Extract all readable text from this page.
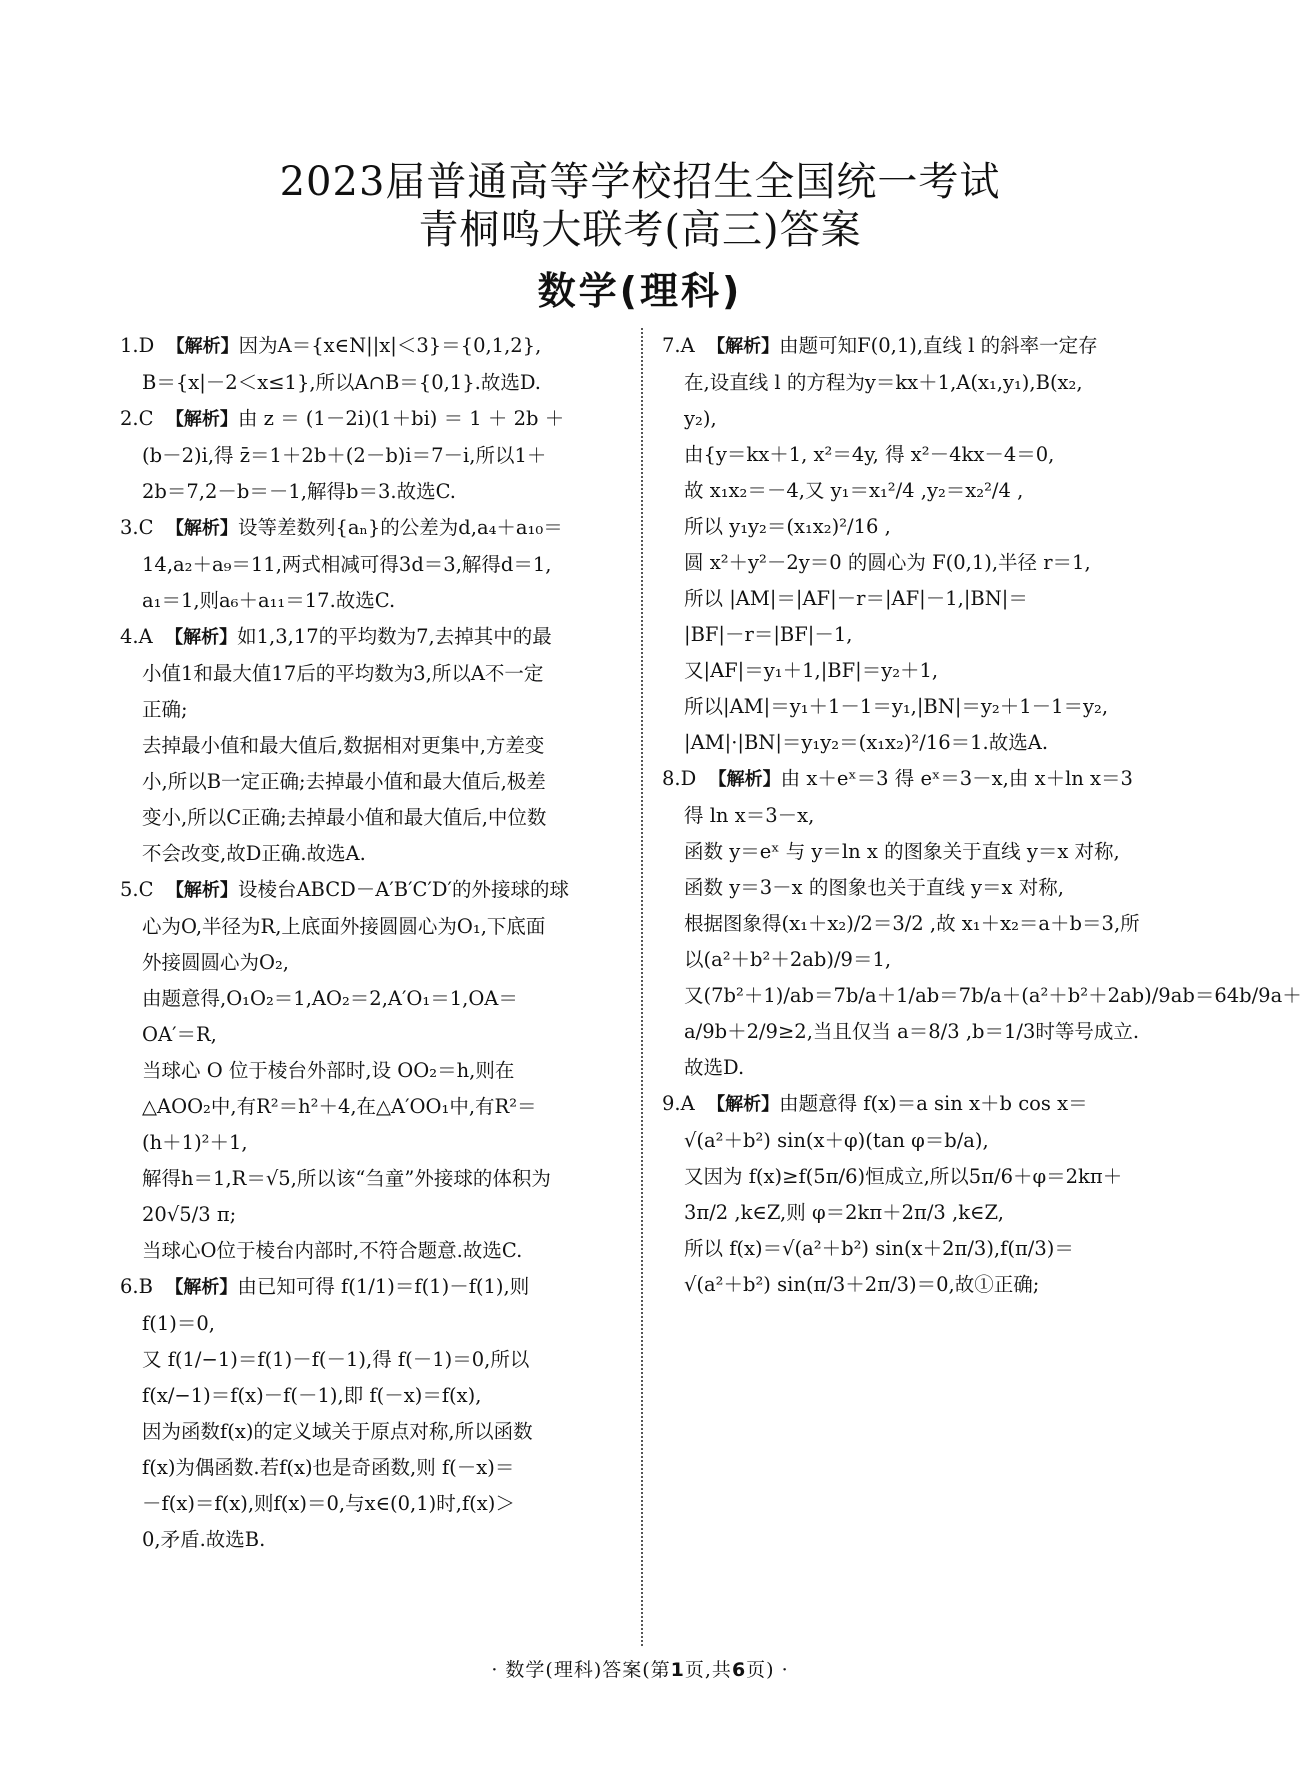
2023届普通高等学校招生全国统一考试
青桐鸣大联考(高三)答案
数学(理科)
1.D 【解析】因为A＝{x∈N||x|＜3}＝{0,1,2},
B＝{x|－2＜x≤1},所以A∩B＝{0,1}.故选D.
2.C 【解析】由 z ＝ (1－2i)(1＋bi) ＝ 1 ＋ 2b ＋
(b－2)i,得 z̄＝1＋2b＋(2－b)i＝7－i,所以1＋
2b＝7,2－b＝－1,解得b＝3.故选C.
3.C 【解析】设等差数列{aₙ}的公差为d,a₄＋a₁₀＝
14,a₂＋a₉＝11,两式相减可得3d＝3,解得d＝1,
a₁＝1,则a₆＋a₁₁＝17.故选C.
4.A 【解析】如1,3,17的平均数为7,去掉其中的最
小值1和最大值17后的平均数为3,所以A不一定
正确;
去掉最小值和最大值后,数据相对更集中,方差变
小,所以B一定正确;去掉最小值和最大值后,极差
变小,所以C正确;去掉最小值和最大值后,中位数
不会改变,故D正确.故选A.
5.C 【解析】设棱台ABCD－A′B′C′D′的外接球的球
心为O,半径为R,上底面外接圆圆心为O₁,下底面
外接圆圆心为O₂,
由题意得,O₁O₂＝1,AO₂＝2,A′O₁＝1,OA＝
OA′＝R,
当球心 O 位于棱台外部时,设 OO₂＝h,则在
△AOO₂中,有R²＝h²＋4,在△A′OO₁中,有R²＝
(h＋1)²＋1,
解得h＝1,R＝√5,所以该“刍童”外接球的体积为
20√5/3 π;
当球心O位于棱台内部时,不符合题意.故选C.
6.B 【解析】由已知可得 f(1/1)＝f(1)－f(1),则
f(1)＝0,
又 f(1/−1)＝f(1)－f(－1),得 f(－1)＝0,所以
f(x/−1)＝f(x)－f(－1),即 f(－x)＝f(x),
因为函数f(x)的定义域关于原点对称,所以函数
f(x)为偶函数.若f(x)也是奇函数,则 f(－x)＝
－f(x)＝f(x),则f(x)＝0,与x∈(0,1)时,f(x)＞
0,矛盾.故选B.
7.A 【解析】由题可知F(0,1),直线 l 的斜率一定存
在,设直线 l 的方程为y＝kx＋1,A(x₁,y₁),B(x₂,
y₂),
由{y＝kx＋1, x²＝4y, 得 x²－4kx－4＝0,
故 x₁x₂＝－4,又 y₁＝x₁²/4 ,y₂＝x₂²/4 ,
所以 y₁y₂＝(x₁x₂)²/16 ,
圆 x²＋y²－2y＝0 的圆心为 F(0,1),半径 r＝1,
所以 |AM|＝|AF|－r＝|AF|－1,|BN|＝
|BF|－r＝|BF|－1,
又|AF|＝y₁＋1,|BF|＝y₂＋1,
所以|AM|＝y₁＋1－1＝y₁,|BN|＝y₂＋1－1＝y₂,
|AM|·|BN|＝y₁y₂＝(x₁x₂)²/16＝1.故选A.
8.D 【解析】由 x＋eˣ＝3 得 eˣ＝3－x,由 x＋ln x＝3
得 ln x＝3－x,
函数 y＝eˣ 与 y＝ln x 的图象关于直线 y＝x 对称,
函数 y＝3－x 的图象也关于直线 y＝x 对称,
根据图象得(x₁＋x₂)/2＝3/2 ,故 x₁＋x₂＝a＋b＝3,所
以(a²＋b²＋2ab)/9＝1,
又(7b²＋1)/ab＝7b/a＋1/ab＝7b/a＋(a²＋b²＋2ab)/9ab＝64b/9a＋
a/9b＋2/9≥2,当且仅当 a＝8/3 ,b＝1/3时等号成立.
故选D.
9.A 【解析】由题意得 f(x)＝a sin x＋b cos x＝
√(a²＋b²) sin(x＋φ)(tan φ＝b/a),
又因为 f(x)≥f(5π/6)恒成立,所以5π/6＋φ＝2kπ＋
3π/2 ,k∈Z,则 φ＝2kπ＋2π/3 ,k∈Z,
所以 f(x)＝√(a²＋b²) sin(x＋2π/3),f(π/3)＝
√(a²＋b²) sin(π/3＋2π/3)＝0,故①正确;
· 数学(理科)答案(第1页,共6页) ·
